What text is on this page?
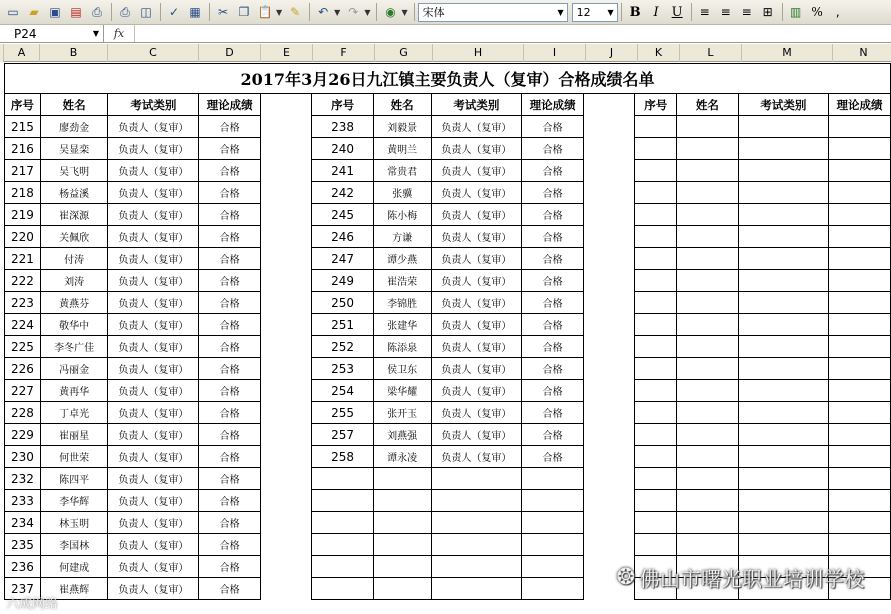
▭ ▰ ▣ ▤ ⎙	⎙ ◫	✓ ▦	✂ ❐ 📋 ▼ ✎	↶ ▼ ↷ ▼	◉ ▼ 宋体	▼ 12	▼	B I U	≡ ≡ ≡ ⊞	▥ %	‚
P24	▼	fx
A	B	C	D	E	F	G	H	I	J	K	L	M	N
2017年3月26日九江镇主要负责人（复审）合格成绩名单													
序号	姓名	考试类别	理论成绩		序号	姓名	考试类别	理论成绩		序号	姓名	考试类别	理论成绩
215	廖劲金	负责人（复审）	合格		238	刘毅景	负责人（复审）	合格					
216	吴显栾	负责人（复审）	合格		240	黄明兰	负责人（复审）	合格					
217	吴飞明	负责人（复审）	合格		241	常贵君	负责人（复审）	合格					
218	杨益溪	负责人（复审）	合格		242	张骥	负责人（复审）	合格					
219	崔深源	负责人（复审）	合格		245	陈小梅	负责人（复审）	合格					
220	关佩欣	负责人（复审）	合格		246	方谦	负责人（复审）	合格					
221	付涛	负责人（复审）	合格		247	谭少燕	负责人（复审）	合格					
222	刘涛	负责人（复审）	合格		249	崔浩荣	负责人（复审）	合格					
223	黄燕芬	负责人（复审）	合格		250	李锦胜	负责人（复审）	合格					
224	敬华中	负责人（复审）	合格		251	张建华	负责人（复审）	合格					
225	李冬广佳	负责人（复审）	合格		252	陈添泉	负责人（复审）	合格					
226	冯丽金	负责人（复审）	合格		253	侯卫东	负责人（复审）	合格					
227	黄再华	负责人（复审）	合格		254	梁华耀	负责人（复审）	合格					
228	丁卓光	负责人（复审）	合格		255	张开玉	负责人（复审）	合格					
229	崔丽星	负责人（复审）	合格		257	刘燕强	负责人（复审）	合格					
230	何世荣	负责人（复审）	合格		258	谭永凌	负责人（复审）	合格					
232	陈四平	负责人（复审）	合格										
233	李华辉	负责人（复审）	合格										
234	林玉明	负责人（复审）	合格										
235	李国林	负责人（复审）	合格										
236	何建成	负责人（复审）	合格										
237	崔燕辉	负责人（复审）	合格										
❂ 佛山市曙光职业培训学校
六成网络
